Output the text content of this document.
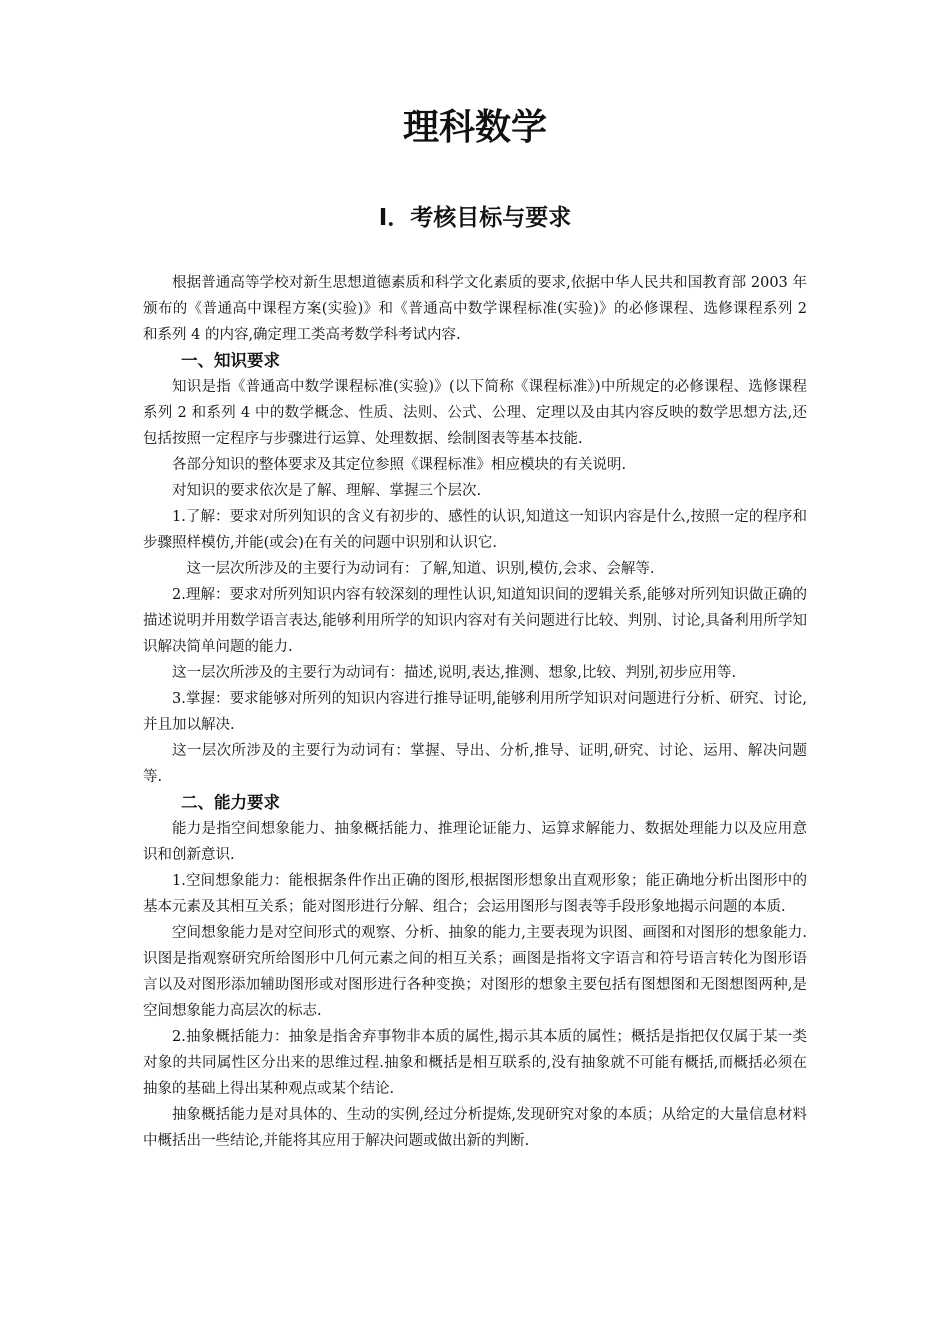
理科数学
Ⅰ．考核目标与要求

根据普通高等学校对新生思想道德素质和科学文化素质的要求,依据中华人民共和国教育部 2003 年颁布的《普通高中课程方案(实验)》和《普通高中数学课程标准(实验)》的必修课程、选修课程系列 2 和系列 4 的内容,确定理工类高考数学科考试内容.

一、知识要求

知识是指《普通高中数学课程标准(实验)》(以下简称《课程标准》)中所规定的必修课程、选修课程系列 2 和系列 4 中的数学概念、性质、法则、公式、公理、定理以及由其内容反映的数学思想方法,还包括按照一定程序与步骤进行运算、处理数据、绘制图表等基本技能.

各部分知识的整体要求及其定位参照《课程标准》相应模块的有关说明.

对知识的要求依次是了解、理解、掌握三个层次.

1.了解：要求对所列知识的含义有初步的、感性的认识,知道这一知识内容是什么,按照一定的程序和步骤照样模仿,并能(或会)在有关的问题中识别和认识它.

这一层次所涉及的主要行为动词有：了解,知道、识别,模仿,会求、会解等.

2.理解：要求对所列知识内容有较深刻的理性认识,知道知识间的逻辑关系,能够对所列知识做正确的描述说明并用数学语言表达,能够利用所学的知识内容对有关问题进行比较、判别、讨论,具备利用所学知识解决简单问题的能力.

这一层次所涉及的主要行为动词有：描述,说明,表达,推测、想象,比较、判别,初步应用等.

3.掌握：要求能够对所列的知识内容进行推导证明,能够利用所学知识对问题进行分析、研究、讨论,并且加以解决.

这一层次所涉及的主要行为动词有：掌握、导出、分析,推导、证明,研究、讨论、运用、解决问题等.

二、能力要求

能力是指空间想象能力、抽象概括能力、推理论证能力、运算求解能力、数据处理能力以及应用意识和创新意识.

1.空间想象能力：能根据条件作出正确的图形,根据图形想象出直观形象；能正确地分析出图形中的基本元素及其相互关系；能对图形进行分解、组合；会运用图形与图表等手段形象地揭示问题的本质.

空间想象能力是对空间形式的观察、分析、抽象的能力,主要表现为识图、画图和对图形的想象能力.识图是指观察研究所给图形中几何元素之间的相互关系；画图是指将文字语言和符号语言转化为图形语言以及对图形添加辅助图形或对图形进行各种变换；对图形的想象主要包括有图想图和无图想图两种,是空间想象能力高层次的标志.

2.抽象概括能力：抽象是指舍弃事物非本质的属性,揭示其本质的属性；概括是指把仅仅属于某一类对象的共同属性区分出来的思维过程.抽象和概括是相互联系的,没有抽象就不可能有概括,而概括必须在抽象的基础上得出某种观点或某个结论.

抽象概括能力是对具体的、生动的实例,经过分析提炼,发现研究对象的本质；从给定的大量信息材料中概括出一些结论,并能将其应用于解决问题或做出新的判断.
